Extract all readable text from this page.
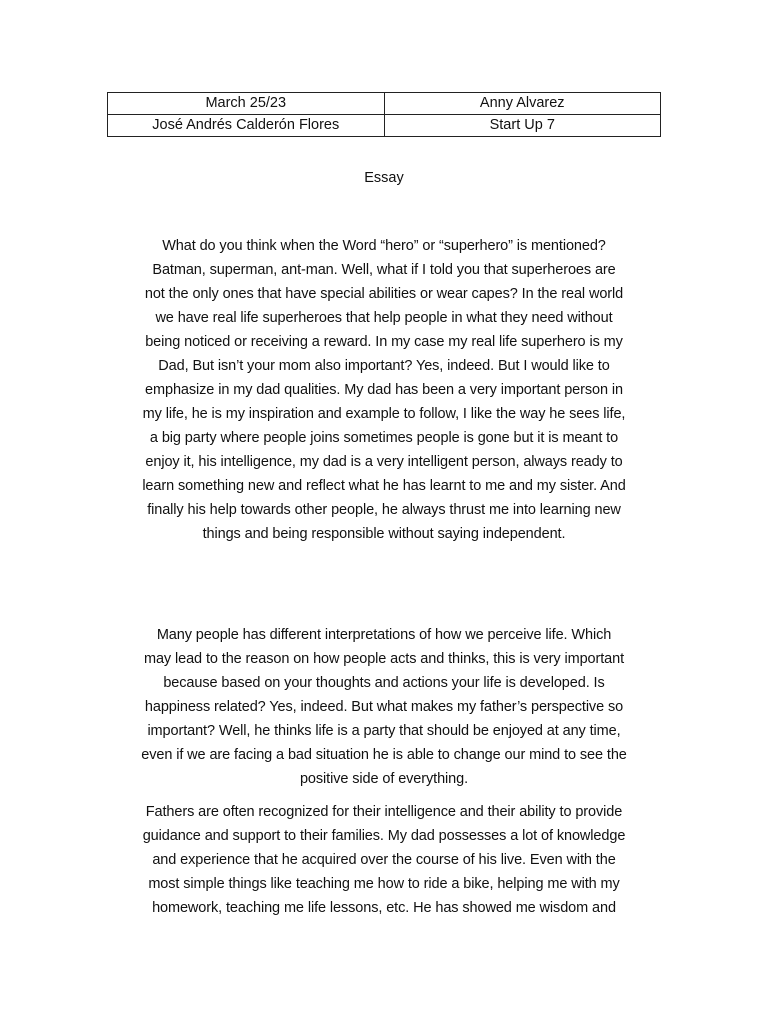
March 25/23	Anny Alvarez
José Andrés Calderón Flores	Start Up 7
Essay

What do you think when the Word “hero” or “superhero” is mentioned?
Batman, superman, ant-man. Well, what if I told you that superheroes are
not the only ones that have special abilities or wear capes? In the real world
we have real life superheroes that help people in what they need without
being noticed or receiving a reward. In my case my real life superhero is my
Dad, But isn’t your mom also important? Yes, indeed. But I would like to
emphasize in my dad qualities. My dad has been a very important person in
my life, he is my inspiration and example to follow, I like the way he sees life,
a big party where people joins sometimes people is gone but it is meant to
enjoy it, his intelligence, my dad is a very intelligent person, always ready to
learn something new and reflect what he has learnt to me and my sister. And
finally his help towards other people, he always thrust me into learning new
things and being responsible without saying independent.

Many people has different interpretations of how we perceive life. Which
may lead to the reason on how people acts and thinks, this is very important
because based on your thoughts and actions your life is developed. Is
happiness related? Yes, indeed. But what makes my father’s perspective so
important? Well, he thinks life is a party that should be enjoyed at any time,
even if we are facing a bad situation he is able to change our mind to see the
positive side of everything.

Fathers are often recognized for their intelligence and their ability to provide
guidance and support to their families. My dad possesses a lot of knowledge
and experience that he acquired over the course of his live. Even with the
most simple things like teaching me how to ride a bike, helping me with my
homework, teaching me life lessons, etc. He has showed me wisdom and
